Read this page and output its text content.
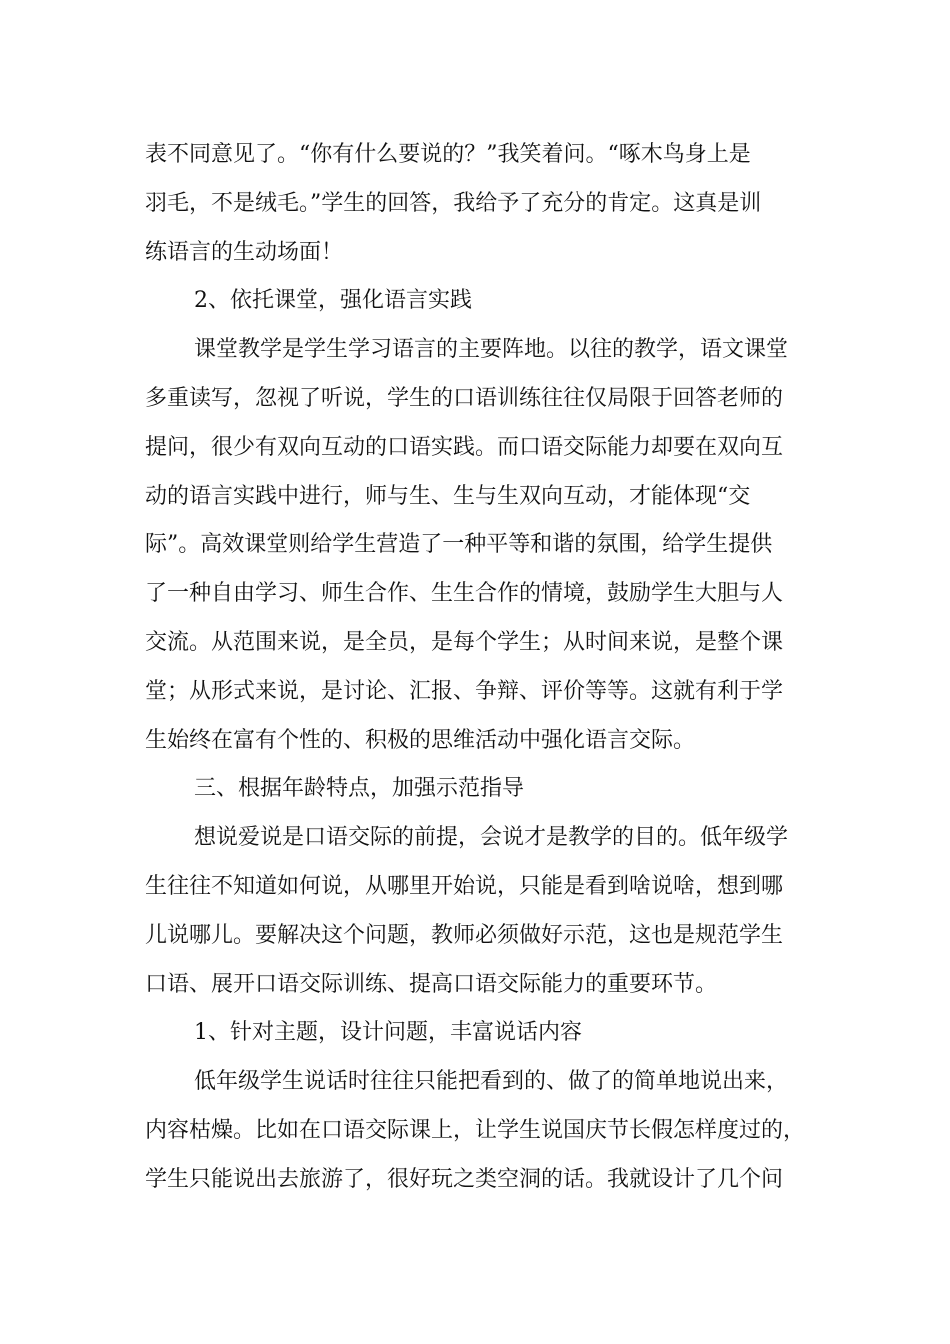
表不同意见了。“你有什么要说的？”我笑着问。“啄木鸟身上是
羽毛，不是绒毛。”学生的回答，我给予了充分的肯定。这真是训
练语言的生动场面！
2、依托课堂，强化语言实践
课堂教学是学生学习语言的主要阵地。以往的教学，语文课堂
多重读写，忽视了听说，学生的口语训练往往仅局限于回答老师的
提问，很少有双向互动的口语实践。而口语交际能力却要在双向互
动的语言实践中进行，师与生、生与生双向互动，才能体现“交
际”。高效课堂则给学生营造了一种平等和谐的氛围，给学生提供
了一种自由学习、师生合作、生生合作的情境，鼓励学生大胆与人
交流。从范围来说，是全员，是每个学生；从时间来说，是整个课
堂；从形式来说，是讨论、汇报、争辩、评价等等。这就有利于学
生始终在富有个性的、积极的思维活动中强化语言交际。
三、根据年龄特点，加强示范指导
想说爱说是口语交际的前提，会说才是教学的目的。低年级学
生往往不知道如何说，从哪里开始说，只能是看到啥说啥，想到哪
儿说哪儿。要解决这个问题，教师必须做好示范，这也是规范学生
口语、展开口语交际训练、提高口语交际能力的重要环节。
1、针对主题，设计问题，丰富说话内容
低年级学生说话时往往只能把看到的、做了的简单地说出来，
内容枯燥。比如在口语交际课上，让学生说国庆节长假怎样度过的，
学生只能说出去旅游了，很好玩之类空洞的话。我就设计了几个问
